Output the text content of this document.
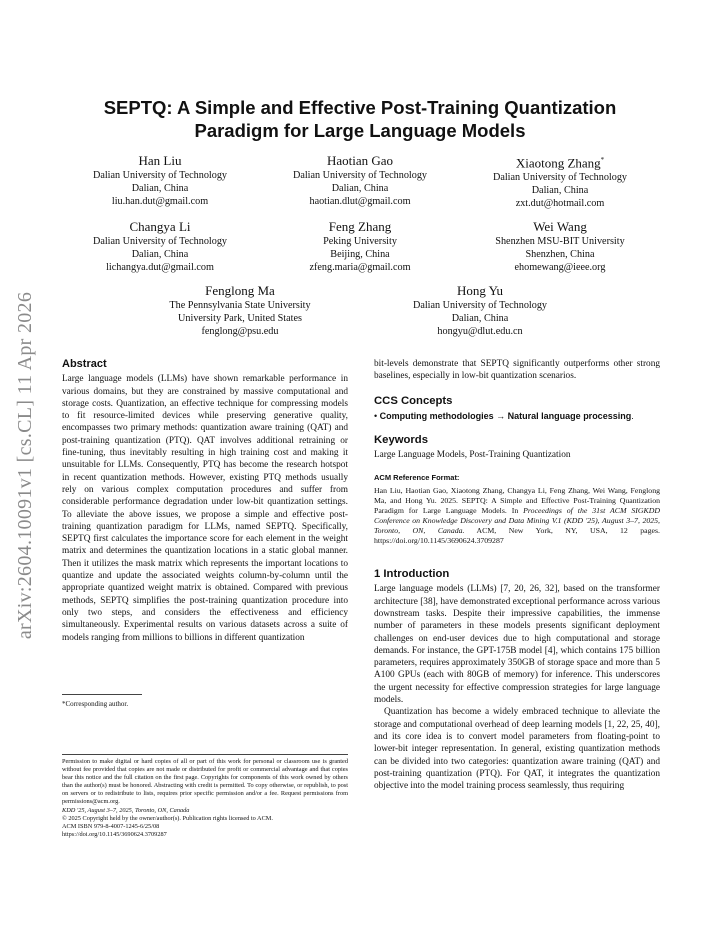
arXiv:2604.10091v1 [cs.CL] 11 Apr 2026
SEPTQ: A Simple and Effective Post-Training Quantization Paradigm for Large Language Models
Han Liu
Dalian University of Technology
Dalian, China
liu.han.dut@gmail.com
Haotian Gao
Dalian University of Technology
Dalian, China
haotian.dlut@gmail.com
Xiaotong Zhang*
Dalian University of Technology
Dalian, China
zxt.dut@hotmail.com
Changya Li
Dalian University of Technology
Dalian, China
lichangya.dut@gmail.com
Feng Zhang
Peking University
Beijing, China
zfeng.maria@gmail.com
Wei Wang
Shenzhen MSU-BIT University
Shenzhen, China
ehomewang@ieee.org
Fenglong Ma
The Pennsylvania State University
University Park, United States
fenglong@psu.edu
Hong Yu
Dalian University of Technology
Dalian, China
hongyu@dlut.edu.cn
Abstract

Large language models (LLMs) have shown remarkable performance in various domains, but they are constrained by massive computational and storage costs. Quantization, an effective technique for compressing models to fit resource-limited devices while preserving generative quality, encompasses two primary methods: quantization aware training (QAT) and post-training quantization (PTQ). QAT involves additional retraining or fine-tuning, thus inevitably resulting in high training cost and making it unsuitable for LLMs. Consequently, PTQ has become the research hotspot in recent quantization methods. However, existing PTQ methods usually rely on various complex computation procedures and suffer from considerable performance degradation under low-bit quantization settings. To alleviate the above issues, we propose a simple and effective post-training quantization paradigm for LLMs, named SEPTQ. Specifically, SEPTQ first calculates the importance score for each element in the weight matrix and determines the quantization locations in a static global manner. Then it utilizes the mask matrix which represents the important locations to quantize and update the associated weights column-by-column until the appropriate quantized weight matrix is obtained. Compared with previous methods, SEPTQ simplifies the post-training quantization procedure into only two steps, and considers the effectiveness and efficiency simultaneously. Experimental results on various datasets across a suite of models ranging from millions to billions in different quantization

*Corresponding author.
Permission to make digital or hard copies of all or part of this work for personal or classroom use is granted without fee provided that copies are not made or distributed for profit or commercial advantage and that copies bear this notice and the full citation on the first page. Copyrights for components of this work owned by others than the author(s) must be honored. Abstracting with credit is permitted. To copy otherwise, or republish, to post on servers or to redistribute to lists, requires prior specific permission and/or a fee. Request permissions from permissions@acm.org.
KDD '25, August 3–7, 2025, Toronto, ON, Canada
© 2025 Copyright held by the owner/author(s). Publication rights licensed to ACM.
ACM ISBN 979-8-4007-1245-6/25/08
https://doi.org/10.1145/3690624.3709287

bit-levels demonstrate that SEPTQ significantly outperforms other strong baselines, especially in low-bit quantization scenarios.

CCS Concepts
• Computing methodologies → Natural language processing.
Keywords

Large Language Models, Post-Training Quantization

ACM Reference Format:
Han Liu, Haotian Gao, Xiaotong Zhang, Changya Li, Feng Zhang, Wei Wang, Fenglong Ma, and Hong Yu. 2025. SEPTQ: A Simple and Effective Post-Training Quantization Paradigm for Large Language Models. In Proceedings of the 31st ACM SIGKDD Conference on Knowledge Discovery and Data Mining V.1 (KDD '25), August 3–7, 2025, Toronto, ON, Canada. ACM, New York, NY, USA, 12 pages. https://doi.org/10.1145/3690624.3709287
1 Introduction

Large language models (LLMs) [7, 20, 26, 32], based on the transformer architecture [38], have demonstrated exceptional performance across various downstream tasks. Despite their impressive capabilities, the immense number of parameters in these models presents significant deployment challenges on end-user devices due to high computational and storage demands. For instance, the GPT-175B model [4], which contains 175 billion parameters, requires approximately 350GB of storage space and more than 5 A100 GPUs (each with 80GB of memory) for inference. This underscores the urgent necessity for effective compression strategies for large language models.

Quantization has become a widely embraced technique to alleviate the storage and computational overhead of deep learning models [1, 22, 25, 40], and its core idea is to convert model parameters from floating-point to lower-bit integer representation. In general, existing quantization methods can be divided into two categories: quantization aware training (QAT) and post-training quantization (PTQ). For QAT, it integrates the quantization objective into the model training process seamlessly, thus requiring
